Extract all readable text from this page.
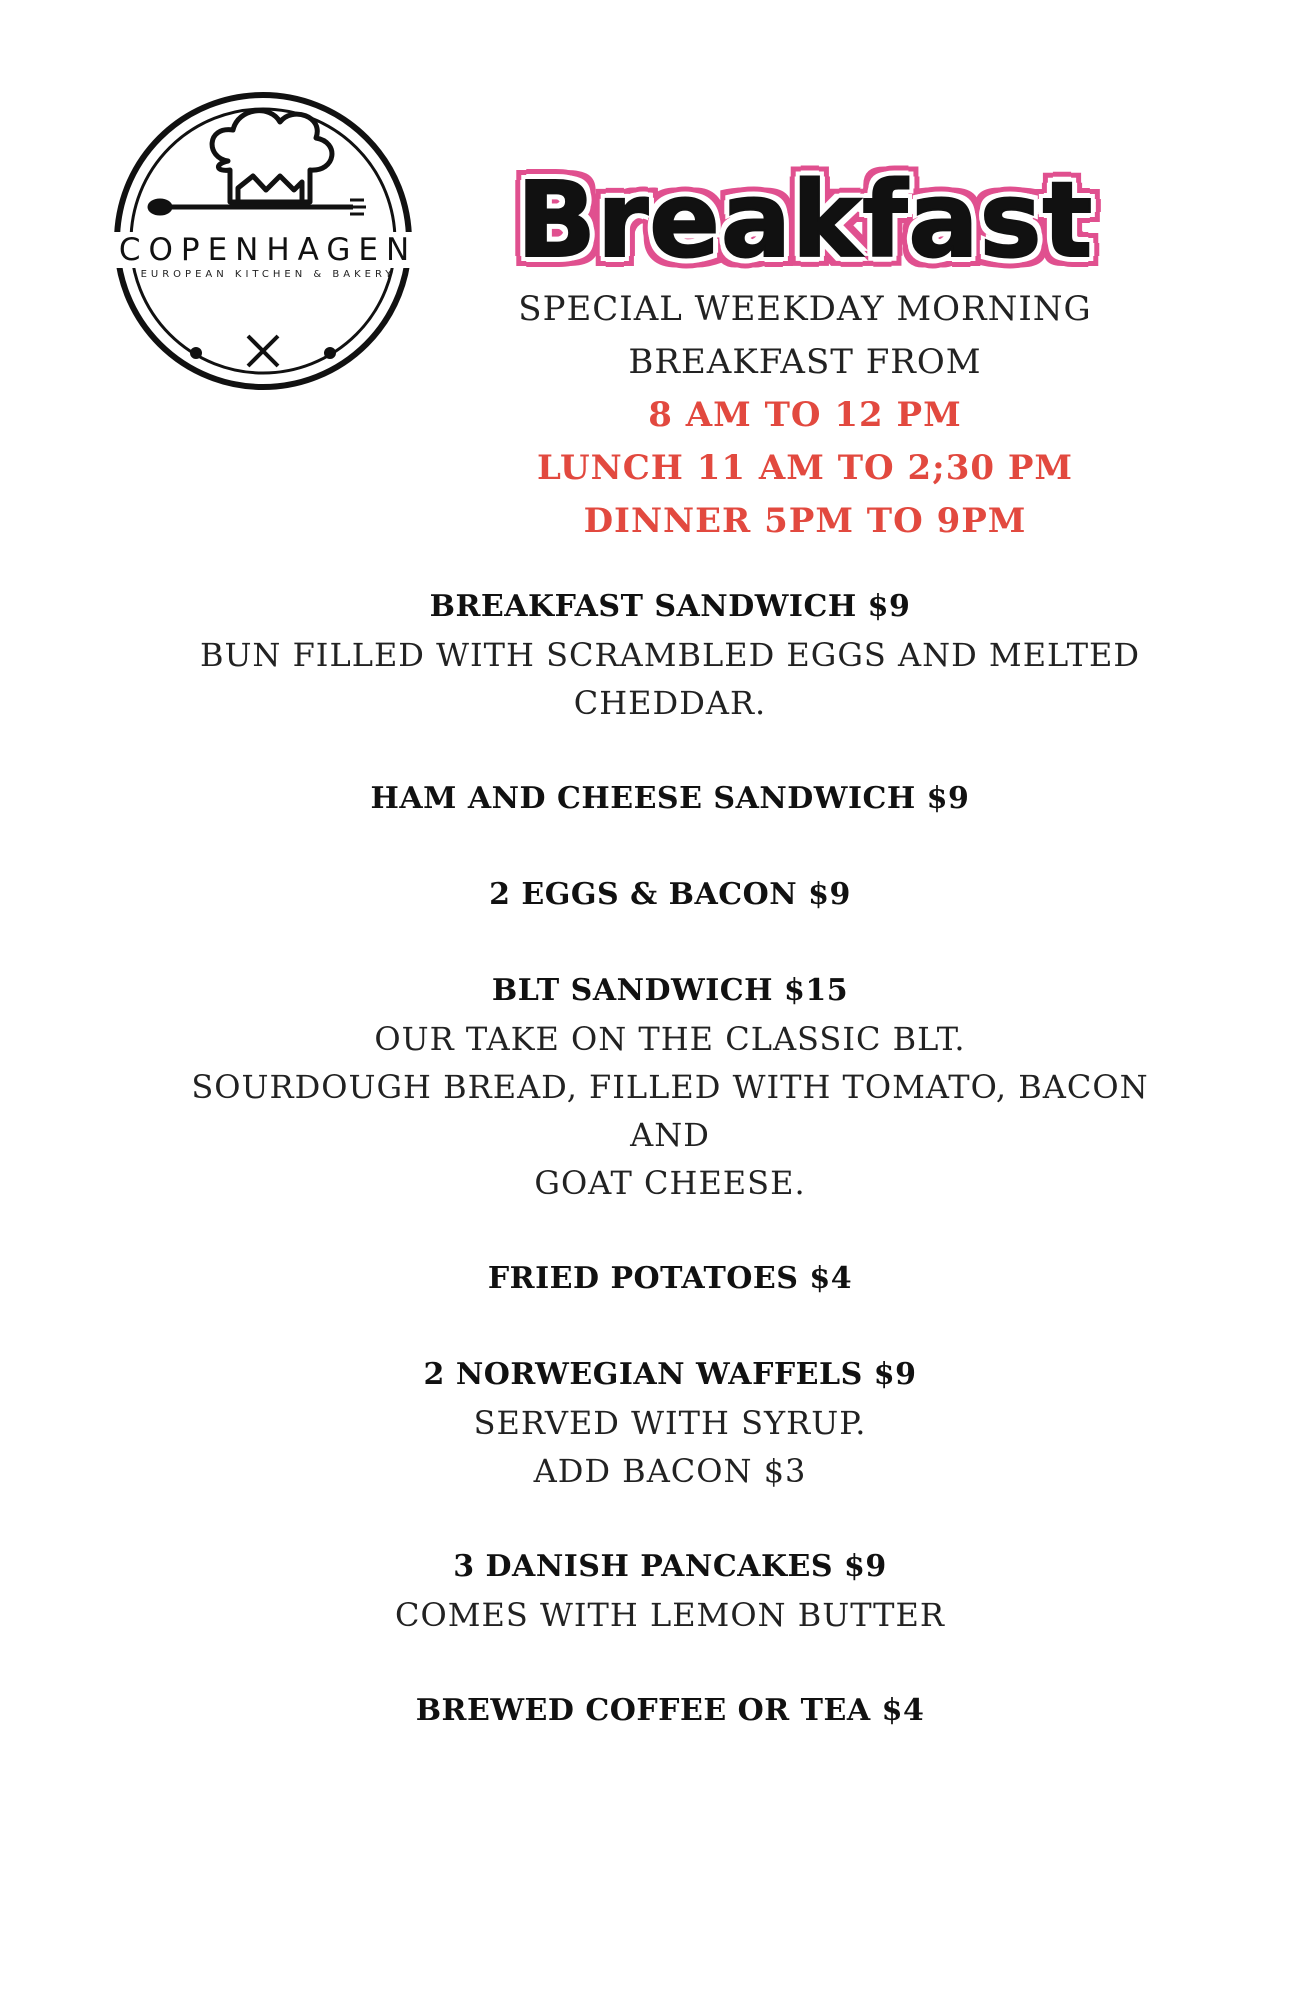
COPENHAGEN
EUROPEAN KITCHEN & BAKERY	Breakfast
SPECIAL WEEKDAY MORNING
BREAKFAST FROM
8 AM TO 12 PM
LUNCH 11 AM TO 2;30 PM
DINNER 5PM TO 9PM
BREAKFAST SANDWICH $9
BUN FILLED WITH SCRAMBLED EGGS AND MELTED
CHEDDAR.
HAM AND CHEESE SANDWICH $9
2 EGGS & BACON $9
BLT SANDWICH $15
OUR TAKE ON THE CLASSIC BLT.
SOURDOUGH BREAD, FILLED WITH TOMATO, BACON AND
GOAT CHEESE.
FRIED POTATOES $4
2 NORWEGIAN WAFFELS $9
SERVED WITH SYRUP.
ADD BACON $3
3 DANISH PANCAKES $9
COMES WITH LEMON BUTTER
BREWED COFFEE OR TEA $4
